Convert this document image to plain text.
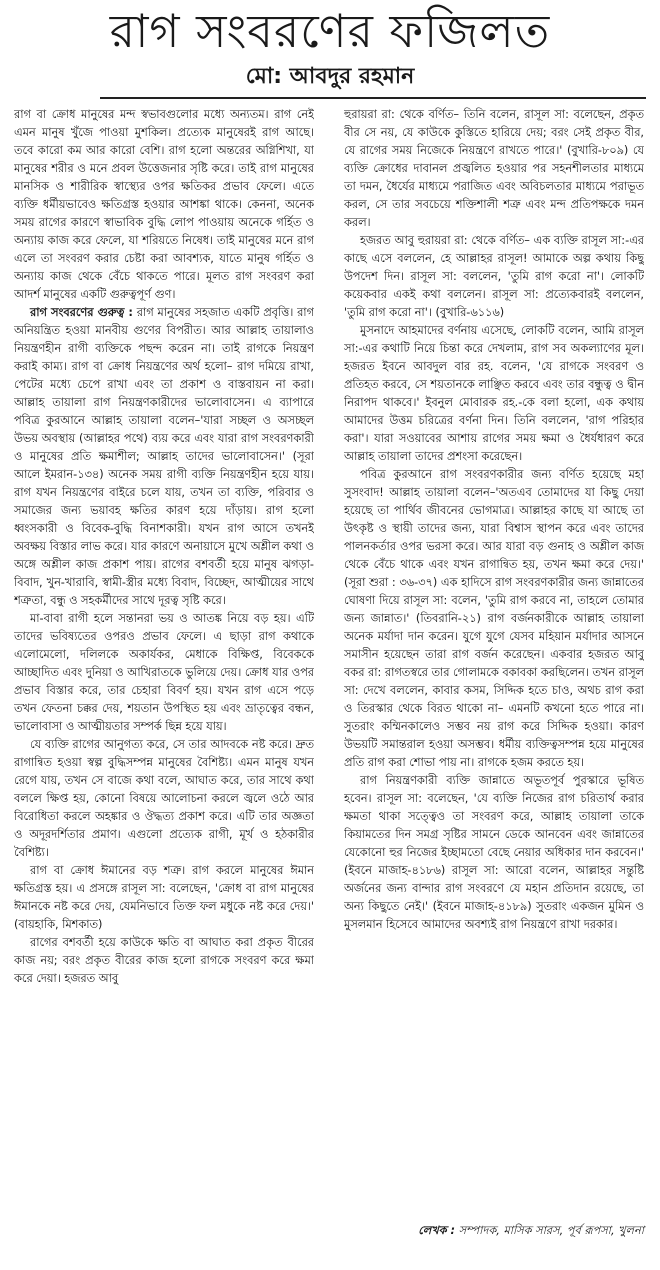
রাগ সংবরণের ফজিলত
মো: আবদুর রহমান

রাগ বা ক্রোধ মানুষের মন্দ স্বভাবগুলোর মধ্যে অন্যতম। রাগ নেই এমন মানুষ খুঁজে পাওয়া মুশকিল। প্রত্যেক মানুষেরই রাগ আছে। তবে কারো কম আর কারো বেশি। রাগ হলো অন্তরের অগ্নিশিখা, যা মানুষের শরীর ও মনে প্রবল উত্তেজনার সৃষ্টি করে। তাই রাগ মানুষের মানসিক ও শারীরিক স্বাস্থ্যের ওপর ক্ষতিকর প্রভাব ফেলে। এতে ব্যক্তি ধর্মীয়ভাবেও ক্ষতিগ্রস্ত হওয়ার আশঙ্কা থাকে। কেননা, অনেক সময় রাগের কারণে স্বাভাবিক বুদ্ধি লোপ পাওয়ায় অনেকে গর্হিত ও অন্যায় কাজ করে ফেলে, যা শরিয়তে নিষেধ। তাই মানুষের মনে রাগ এলে তা সংবরণ করার চেষ্টা করা আবশ্যক, যাতে মানুষ গর্হিত ও অন্যায় কাজ থেকে বেঁচে থাকতে পারে। মূলত রাগ সংবরণ করা আদর্শ মানুষের একটি গুরুত্বপূর্ণ গুণ।

রাগ সংবরণের গুরুত্ব : রাগ মানুষের সহজাত একটি প্রবৃত্তি। রাগ অনিয়ন্ত্রিত হওয়া মানবীয় গুণের বিপরীত। আর আল্লাহ তায়ালাও নিয়ন্ত্রণহীন রাগী ব্যক্তিকে পছন্দ করেন না। তাই রাগকে নিয়ন্ত্রণ করাই কাম্য। রাগ বা ক্রোধ নিয়ন্ত্রণের অর্থ হলো– রাগ দমিয়ে রাখা, পেটের মধ্যে চেপে রাখা এবং তা প্রকাশ ও বাস্তবায়ন না করা। আল্লাহ তায়ালা রাগ নিয়ন্ত্রণকারীদের ভালোবাসেন। এ ব্যাপারে পবিত্র কুরআনে আল্লাহ তায়ালা বলেন–'যারা সচ্ছল ও অসচ্ছল উভয় অবস্থায় (আল্লাহর পথে) ব্যয় করে এবং যারা রাগ সংবরণকারী ও মানুষের প্রতি ক্ষমাশীল; আল্লাহ তাদের ভালোবাসেন।' (সূরা আলে ইমরান-১৩৪) অনেক সময় রাগী ব্যক্তি নিয়ন্ত্রণহীন হয়ে যায়। রাগ যখন নিয়ন্ত্রণের বাইরে চলে যায়, তখন তা ব্যক্তি, পরিবার ও সমাজের জন্য ভয়াবহ ক্ষতির কারণ হয়ে দাঁড়ায়। রাগ হলো ধ্বংসকারী ও বিবেক-বুদ্ধি বিনাশকারী। যখন রাগ আসে তখনই অবক্ষয় বিস্তার লাভ করে। যার কারণে অনায়াসে মুখে অশ্লীল কথা ও অঙ্গে অশ্লীল কাজ প্রকাশ পায়। রাগের বশবর্তী হয়ে মানুষ ঝগড়া-বিবাদ, খুন-খারাবি, স্বামী-স্ত্রীর মধ্যে বিবাদ, বিচ্ছেদ, আত্মীয়ের সাথে শত্রুতা, বন্ধু ও সহকর্মীদের সাথে দূরত্ব সৃষ্টি করে।

মা-বাবা রাগী হলে সন্তানরা ভয় ও আতঙ্ক নিয়ে বড় হয়। এটি তাদের ভবিষ্যতের ওপরও প্রভাব ফেলে। এ ছাড়া রাগ কথাকে এলোমেলো, দলিলকে অকার্যকর, মেধাকে বিক্ষিপ্ত, বিবেককে আচ্ছাদিত এবং দুনিয়া ও আখিরাতকে ভুলিয়ে দেয়। ক্রোধ যার ওপর প্রভাব বিস্তার করে, তার চেহারা বিবর্ণ হয়। যখন রাগ এসে পড়ে তখন ফেতনা চক্কর দেয়, শয়তান উপস্থিত হয় এবং ভ্রাতৃত্বের বন্ধন, ভালোবাসা ও আত্মীয়তার সম্পর্ক ছিন্ন হয়ে যায়।

যে ব্যক্তি রাগের আনুগত্য করে, সে তার আদবকে নষ্ট করে। দ্রুত রাগান্বিত হওয়া স্বল্প বুদ্ধিসম্পন্ন মানুষের বৈশিষ্ট্য। এমন মানুষ যখন রেগে যায়, তখন সে বাজে কথা বলে, আঘাত করে, তার সাথে কথা বললে ক্ষিপ্ত হয়, কোনো বিষয়ে আলোচনা করলে জ্বলে ওঠে আর বিরোধিতা করলে অহঙ্কার ও ঔদ্ধত্য প্রকাশ করে। এটি তার অজ্ঞতা ও অদূরদর্শিতার প্রমাণ। এগুলো প্রত্যেক রাগী, মূর্খ ও হঠকারীর বৈশিষ্ট্য।

রাগ বা ক্রোধ ঈমানের বড় শত্রু। রাগ করলে মানুষের ঈমান ক্ষতিগ্রস্ত হয়। এ প্রসঙ্গে রাসূল সা: বলেছেন, 'ক্রোধ বা রাগ মানুষের ঈমানকে নষ্ট করে দেয়, যেমনিভাবে তিক্ত ফল মধুকে নষ্ট করে দেয়।' (বায়হাকি, মিশকাত)

রাগের বশবর্তী হয়ে কাউকে ক্ষতি বা আঘাত করা প্রকৃত বীরের কাজ নয়; বরং প্রকৃত বীরের কাজ হলো রাগকে সংবরণ করে ক্ষমা করে দেয়া। হজরত আবু

হুরায়রা রা: থেকে বর্ণিত– তিনি বলেন, রাসূল সা: বলেছেন, প্রকৃত বীর সে নয়, যে কাউকে কুস্তিতে হারিয়ে দেয়; বরং সেই প্রকৃত বীর, যে রাগের সময় নিজেকে নিয়ন্ত্রণে রাখতে পারে।' (বুখারি-৮০৯) যে ব্যক্তি ক্রোধের দাবানল প্রজ্বলিত হওয়ার পর সহনশীলতার মাধ্যমে তা দমন, ধৈর্যের মাধ্যমে পরাজিত এবং অবিচলতার মাধ্যমে পরাভূত করল, সে তার সবচেয়ে শক্তিশালী শত্রু এবং মন্দ প্রতিপক্ষকে দমন করল।

হজরত আবু হুরায়রা রা: থেকে বর্ণিত– এক ব্যক্তি রাসূল সা:-এর কাছে এসে বললেন, হে আল্লাহর রাসূল! আমাকে অল্প কথায় কিছু উপদেশ দিন। রাসূল সা: বললেন, 'তুমি রাগ করো না'। লোকটি কয়েকবার একই কথা বললেন। রাসূল সা: প্রত্যেকবারই বললেন, 'তুমি রাগ করো না'। (বুখারি-৬১১৬)

মুসনাদে আহমাদের বর্ণনায় এসেছে, লোকটি বলেন, আমি রাসূল সা:-এর কথাটি নিয়ে চিন্তা করে দেখলাম, রাগ সব অকল্যাণের মূল। হজরত ইবনে আবদুল বার রহ. বলেন, 'যে রাগকে সংবরণ ও প্রতিহত করবে, সে শয়তানকে লাঞ্ছিত করবে এবং তার বন্ধুত্ব ও দ্বীন নিরাপদ থাকবে।' ইবনুল মোবারক রহ.-কে বলা হলো, এক কথায় আমাদের উত্তম চরিত্রের বর্ণনা দিন। তিনি বললেন, 'রাগ পরিহার করা'। যারা সওয়াবের আশায় রাগের সময় ক্ষমা ও ধৈর্যধারণ করে আল্লাহ তায়ালা তাদের প্রশংসা করেছেন।

পবিত্র কুরআনে রাগ সংবরণকারীর জন্য বর্ণিত হয়েছে মহা সুসংবাদ! আল্লাহ তায়ালা বলেন–'অতএব তোমাদের যা কিছু দেয়া হয়েছে তা পার্থিব জীবনের ভোগমাত্র। আল্লাহর কাছে যা আছে তা উৎকৃষ্ট ও স্থায়ী তাদের জন্য, যারা বিশ্বাস স্থাপন করে এবং তাদের পালনকর্তার ওপর ভরসা করে। আর যারা বড় গুনাহ ও অশ্লীল কাজ থেকে বেঁচে থাকে এবং যখন রাগান্বিত হয়, তখন ক্ষমা করে দেয়।' (সূরা শুরা : ৩৬-৩৭) এক হাদিসে রাগ সংবরণকারীর জন্য জান্নাতের ঘোষণা দিয়ে রাসূল সা: বলেন, 'তুমি রাগ করবে না, তাহলে তোমার জন্য জান্নাত।' (তিবরানি-২১) রাগ বর্জনকারীকে আল্লাহ তায়ালা অনেক মর্যাদা দান করেন। যুগে যুগে যেসব মহিয়ান মর্যাদার আসনে সমাসীন হয়েছেন তারা রাগ বর্জন করেছেন। একবার হজরত আবু বকর রা: রাগতস্বরে তার গোলামকে বকাবকা করছিলেন। তখন রাসূল সা: দেখে বললেন, কাবার কসম, সিদ্দিক হতে চাও, অথচ রাগ করা ও তিরস্কার থেকে বিরত থাকো না– এমনটি কখনো হতে পারে না। সুতরাং কম্মিনকালেও সম্ভব নয় রাগ করে সিদ্দিক হওয়া। কারণ উভয়টি সমান্তরাল হওয়া অসম্ভব। ধর্মীয় ব্যক্তিত্বসম্পন্ন হয়ে মানুষের প্রতি রাগ করা শোভা পায় না। রাগকে হজম করতে হয়।

রাগ নিয়ন্ত্রণকারী ব্যক্তি জান্নাতে অভূতপূর্ব পুরস্কারে ভূষিত হবেন। রাসূল সা: বলেছেন, 'যে ব্যক্তি নিজের রাগ চরিতার্থ করার ক্ষমতা থাকা সত্ত্বেও তা সংবরণ করে, আল্লাহ তায়ালা তাকে কিয়ামতের দিন সমগ্র সৃষ্টির সামনে ডেকে আনবেন এবং জান্নাতের যেকোনো হুর নিজের ইচ্ছামতো বেছে নেয়ার অধিকার দান করবেন।' (ইবনে মাজাহ-৪১৮৬) রাসূল সা: আরো বলেন, আল্লাহর সন্তুষ্টি অর্জনের জন্য বান্দার রাগ সংবরণে যে মহান প্রতিদান রয়েছে, তা অন্য কিছুতে নেই।' (ইবনে মাজাহ-৪১৮৯) সুতরাং একজন মুমিন ও মুসলমান হিসেবে আমাদের অবশ্যই রাগ নিয়ন্ত্রণে রাখা দরকার।

লেখক : সম্পাদক, মাসিক সারস, পূর্ব রূপসা, খুলনা
